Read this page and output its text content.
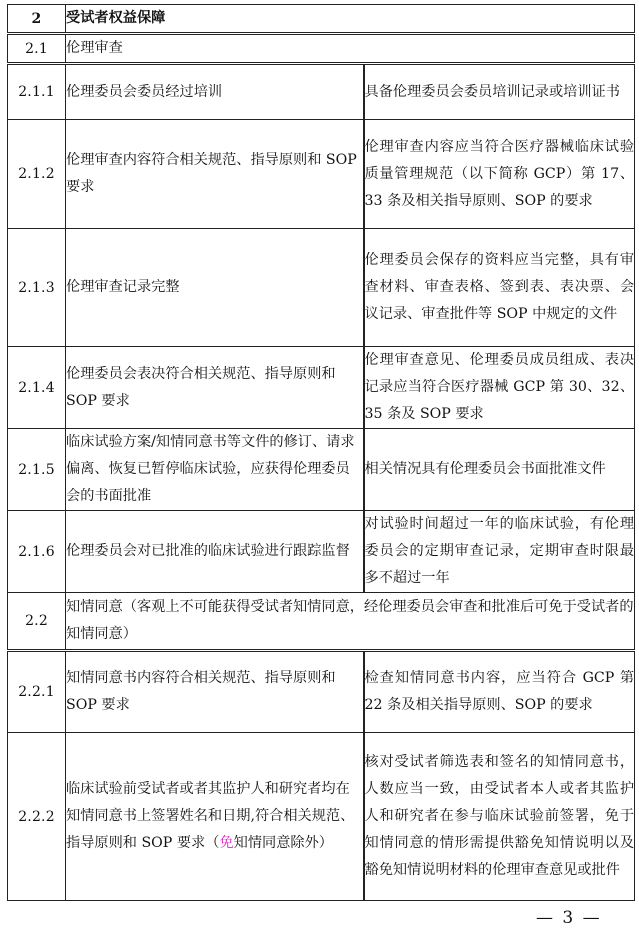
2	受试者权益保障	
2.1	伦理审查	
2.1.1	伦理委员会委员经过培训	具备伦理委员会委员培训记录或培训证书
2.1.2	伦理审查内容符合相关规范、指导原则和 SOP 要求	伦理审查内容应当符合医疗器械临床试验质量管理规范（以下简称 GCP）第 17、33 条及相关指导原则、SOP 的要求
2.1.3	伦理审查记录完整	伦理委员会保存的资料应当完整，具有审查材料、审查表格、签到表、表决票、会议记录、审查批件等 SOP 中规定的文件
2.1.4	伦理委员会表决符合相关规范、指导原则和 SOP 要求	伦理审查意见、伦理委员成员组成、表决记录应当符合医疗器械 GCP 第 30、32、35 条及 SOP 要求
2.1.5	临床试验方案/知情同意书等文件的修订、请求偏离、恢复已暂停临床试验，应获得伦理委员会的书面批准	相关情况具有伦理委员会书面批准文件
2.1.6	伦理委员会对已批准的临床试验进行跟踪监督	对试验时间超过一年的临床试验，有伦理委员会的定期审查记录，定期审查时限最多不超过一年
2.2	知情同意（客观上不可能获得受试者知情同意，经伦理委员会审查和批准后可免于受试者的知情同意）	
2.2.1	知情同意书内容符合相关规范、指导原则和 SOP 要求	检查知情同意书内容，应当符合 GCP 第 22 条及相关指导原则、SOP 的要求
2.2.2	临床试验前受试者或者其监护人和研究者均在知情同意书上签署姓名和日期,符合相关规范、指导原则和 SOP 要求（免知情同意除外）	核对受试者筛选表和签名的知情同意书，人数应当一致，由受试者本人或者其监护人和研究者在参与临床试验前签署，免于知情同意的情形需提供豁免知情说明以及豁免知情说明材料的伦理审查意见或批件
— 3 —
